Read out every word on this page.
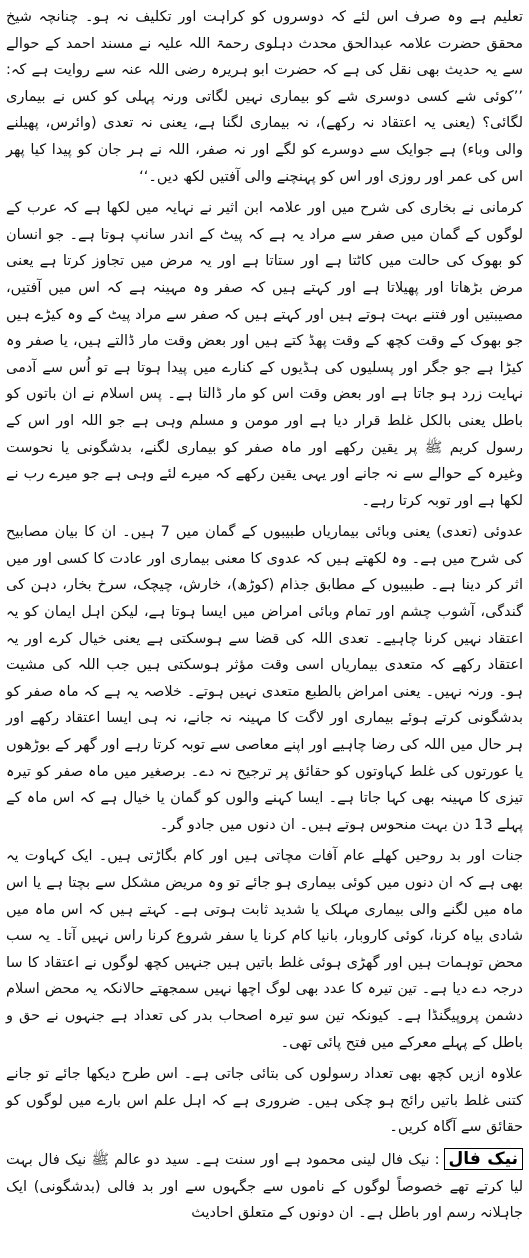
تعلیم ہے وہ صرف اس لئے کہ دوسروں کو کراہت اور تکلیف نہ ہو۔ چنانچہ شیخ محقق حضرت علامہ عبدالحق محدث دہلوی رحمۃ اللہ علیہ نے مسند احمد کے حوالے سے یہ حدیث بھی نقل کی ہے کہ حضرت ابو ہریرہ رضی اللہ عنہ سے روایت ہے کہ: ’’کوئی شے کسی دوسری شے کو بیماری نہیں لگاتی ورنہ پہلی کو کس نے بیماری لگائی؟ (یعنی یہ اعتقاد نہ رکھے)، نہ بیماری لگنا ہے، یعنی نہ تعدی (وائرس، پھیلنے والی وباء) ہے جوایک سے دوسرے کو لگے اور نہ صفر، اللہ نے ہر جان کو پیدا کیا پھر اس کی عمر اور روزی اور اس کو پہنچنے والی آفتیں لکھ دیں۔‘‘

کرمانی نے بخاری کی شرح میں اور علامہ ابن اثیر نے نہایہ میں لکھا ہے کہ عرب کے لوگوں کے گمان میں صفر سے مراد یہ ہے کہ پیٹ کے اندر سانپ ہوتا ہے۔ جو انسان کو بھوک کی حالت میں کاٹتا ہے اور ستاتا ہے اور یہ مرض میں تجاوز کرتا ہے یعنی مرض بڑھاتا اور پھیلاتا ہے اور کہتے ہیں کہ صفر وہ مہینہ ہے کہ اس میں آفتیں، مصیبتیں اور فتنے بہت ہوتے ہیں اور کہتے ہیں کہ صفر سے مراد پیٹ کے وہ کیڑے ہیں جو بھوک کے وقت کچھ کے وقت پھڈ کتے ہیں اور بعض وقت مار ڈالتے ہیں، یا صفر وہ کیڑا ہے جو جگر اور پسلیوں کی ہڈیوں کے کنارے میں پیدا ہوتا ہے تو اُس سے آدمی نہایت زرد ہو جاتا ہے اور بعض وقت اس کو مار ڈالتا ہے۔ پس اسلام نے ان باتوں کو باطل یعنی بالکل غلط قرار دیا ہے اور مومن و مسلم وہی ہے جو اللہ اور اس کے رسول کریم ﷺ پر یقین رکھے اور ماہ صفر کو بیماری لگنے، بدشگونی یا نحوست وغیرہ کے حوالے سے نہ جانے اور یہی یقین رکھے کہ میرے لئے وہی ہے جو میرے رب نے لکھا ہے اور توبہ کرتا رہے۔

عدوئی (تعدی) یعنی وبائی بیماریاں طبیبوں کے گمان میں 7 ہیں۔ ان کا بیان مصابیح کی شرح میں ہے۔ وہ لکھتے ہیں کہ عدوی کا معنی بیماری اور عادت کا کسی اور میں اثر کر دینا ہے۔ طبیبوں کے مطابق جذام (کوڑھ)، خارش، چیچک، سرخ بخار، دہن کی گندگی، آشوب چشم اور تمام وبائی امراض میں ایسا ہوتا ہے، لیکن اہل ایمان کو یہ اعتقاد نہیں کرنا چاہیے۔ تعدی اللہ کی قضا سے ہوسکتی ہے یعنی خیال کرے اور یہ اعتقاد رکھے کہ متعدی بیماریاں اسی وقت مؤثر ہوسکتی ہیں جب اللہ کی مشیت ہو۔ ورنہ نہیں۔ یعنی امراض بالطبع متعدی نہیں ہوتے۔ خلاصہ یہ ہے کہ ماہ صفر کو بدشگونی کرتے ہوئے بیماری اور لاگت کا مہینہ نہ جانے، نہ ہی ایسا اعتقاد رکھے اور ہر حال میں اللہ کی رضا چاہیے اور اپنے معاصی سے توبہ کرتا رہے اور گھر کے بوڑھوں یا عورتوں کی غلط کہاوتوں کو حقائق پر ترجیح نہ دے۔ برصغیر میں ماہ صفر کو تیرہ تیزی کا مہینہ بھی کہا جاتا ہے۔ ایسا کہنے والوں کو گمان یا خیال ہے کہ اس ماہ کے پہلے 13 دن بہت منحوس ہوتے ہیں۔ ان دنوں میں جادو گر۔

جنات اور بد روحیں کھلے عام آفات مچاتی ہیں اور کام بگاڑتی ہیں۔ ایک کہاوت یہ بھی ہے کہ ان دنوں میں کوئی بیماری ہو جائے تو وہ مریض مشکل سے بچتا ہے یا اس ماہ میں لگنے والی بیماری مہلک یا شدید ثابت ہوتی ہے۔ کہتے ہیں کہ اس ماہ میں شادی بیاہ کرنا، کوئی کاروبار، بانیا کام کرنا یا سفر شروع کرنا راس نہیں آتا۔ یہ سب محض توہمات ہیں اور گھڑی ہوئی غلط باتیں ہیں جنہیں کچھ لوگوں نے اعتقاد کا سا درجہ دے دیا ہے۔ تین تیرہ کا عدد بھی لوگ اچھا نہیں سمجھتے حالانکہ یہ محض اسلام دشمن پروپیگنڈا ہے۔ کیونکہ تین سو تیرہ اصحاب بدر کی تعداد ہے جنہوں نے حق و باطل کے پہلے معرکے میں فتح پائی تھی۔

علاوہ ازیں کچھ بھی تعداد رسولوں کی بتائی جاتی ہے۔ اس طرح دیکھا جائے تو جانے کتنی غلط باتیں رائج ہو چکی ہیں۔ ضروری ہے کہ اہل علم اس بارے میں لوگوں کو حقائق سے آگاہ کریں۔

نیک فال: نیک فال لینی محمود ہے اور سنت ہے۔ سید دو عالم ﷺ نیک فال بہت لیا کرتے تھے خصوصاً لوگوں کے ناموں سے جگہوں سے اور بد فالی (بدشگونی) ایک جاہلانہ رسم اور باطل ہے۔ ان دونوں کے متعلق احادیث
